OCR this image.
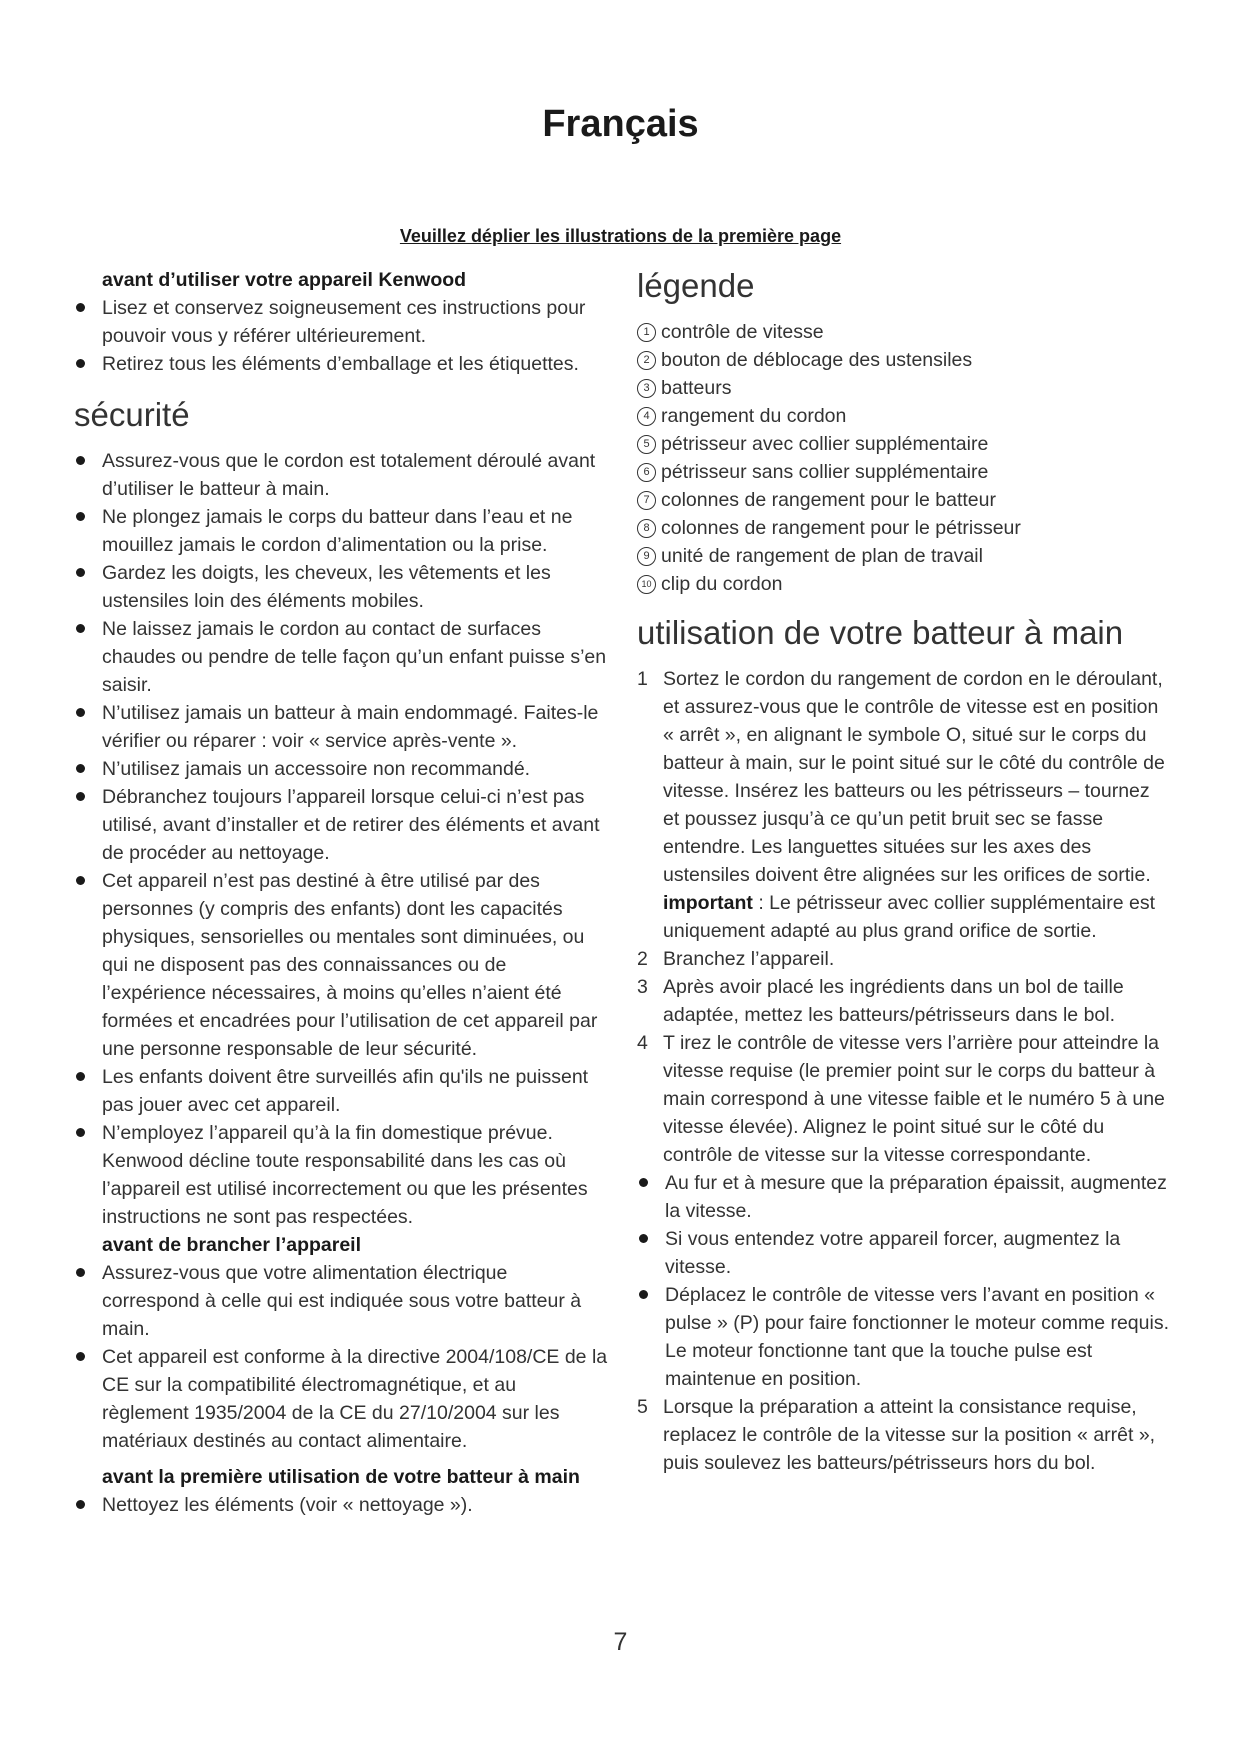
Français
Veuillez déplier les illustrations de la première page
avant d’utiliser votre appareil Kenwood
Lisez et conservez soigneusement ces instructions pour pouvoir vous y référer ultérieurement.
Retirez tous les éléments d’emballage et les étiquettes.
sécurité
Assurez-vous que le cordon est totalement déroulé avant d’utiliser le batteur à main.
Ne plongez jamais le corps du batteur dans l’eau et ne mouillez jamais le cordon d’alimentation ou la prise.
Gardez les doigts, les cheveux, les vêtements et les ustensiles loin des éléments mobiles.
Ne laissez jamais le cordon au contact de surfaces chaudes ou pendre de telle façon qu’un enfant puisse s’en saisir.
N’utilisez jamais un batteur à main endommagé. Faites-le vérifier ou réparer : voir « service après-vente ».
N’utilisez jamais un accessoire non recommandé.
Débranchez toujours l’appareil lorsque celui-ci n’est pas utilisé, avant d’installer et de retirer des éléments et avant de procéder au nettoyage.
Cet appareil n’est pas destiné à être utilisé par des personnes (y compris des enfants) dont les capacités physiques, sensorielles ou mentales sont diminuées, ou qui ne disposent pas des connaissances ou de l’expérience nécessaires, à moins qu’elles n’aient été formées et encadrées pour l’utilisation de cet appareil par une personne responsable de leur sécurité.
Les enfants doivent être surveillés afin qu'ils ne puissent pas jouer avec cet appareil.
N’employez l’appareil qu’à la fin domestique prévue. Kenwood décline toute responsabilité dans les cas où l’appareil est utilisé incorrectement ou que les présentes instructions ne sont pas respectées.
avant de brancher l’appareil
Assurez-vous que votre alimentation électrique correspond à celle qui est indiquée sous votre batteur à main.
Cet appareil est conforme à la directive 2004/108/CE de la CE sur la compatibilité électromagnétique, et au règlement 1935/2004 de la CE du 27/10/2004 sur les matériaux destinés au contact alimentaire.
avant la première utilisation de votre batteur à main
Nettoyez les éléments (voir « nettoyage »).
légende
1 contrôle de vitesse
2 bouton de déblocage des ustensiles
3 batteurs
4 rangement du cordon
5 pétrisseur avec collier supplémentaire
6 pétrisseur sans collier supplémentaire
7 colonnes de rangement pour le batteur
8 colonnes de rangement pour le pétrisseur
9 unité de rangement de plan de travail
10 clip du cordon
utilisation de votre batteur à main
1 Sortez le cordon du rangement de cordon en le déroulant, et assurez-vous que le contrôle de vitesse est en position « arrêt », en alignant le symbole O, situé sur le corps du batteur à main, sur le point situé sur le côté du contrôle de vitesse. Insérez les batteurs ou les pétrisseurs – tournez et poussez jusqu’à ce qu’un petit bruit sec se fasse entendre. Les languettes situées sur les axes des ustensiles doivent être alignées sur les orifices de sortie.
important : Le pétrisseur avec collier supplémentaire est uniquement adapté au plus grand orifice de sortie.
2 Branchez l’appareil.
3 Après avoir placé les ingrédients dans un bol de taille adaptée, mettez les batteurs/pétrisseurs dans le bol.
4 T irez le contrôle de vitesse vers l’arrière pour atteindre la vitesse requise (le premier point sur le corps du batteur à main correspond à une vitesse faible et le numéro 5 à une vitesse élevée). Alignez le point situé sur le côté du contrôle de vitesse sur la vitesse correspondante.
Au fur et à mesure que la préparation épaissit, augmentez la vitesse.
Si vous entendez votre appareil forcer, augmentez la vitesse.
Déplacez le contrôle de vitesse vers l’avant en position « pulse » (P) pour faire fonctionner le moteur comme requis. Le moteur fonctionne tant que la touche pulse est maintenue en position.
5 Lorsque la préparation a atteint la consistance requise, replacez le contrôle de la vitesse sur la position « arrêt », puis soulevez les batteurs/pétrisseurs hors du bol.
7
